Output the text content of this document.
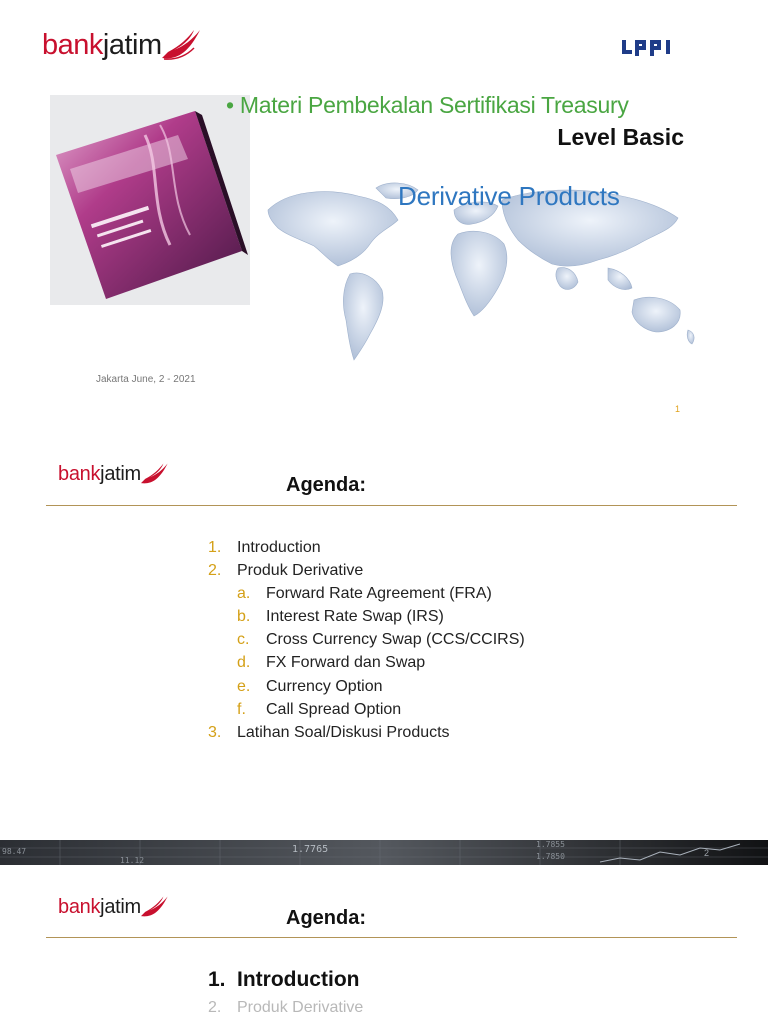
bank jatim
• Materi Pembekalan Sertifikasi Treasury
Level Basic
Derivative Products
Jakarta June, 2 - 2021
1
bank jatim	Agenda:
1. Introduction
2. Produk Derivative
a. Forward Rate Agreement (FRA)
b. Interest Rate Swap (IRS)
c.	Cross Currency Swap (CCS/CCIRS)
d. FX Forward dan Swap
e. Currency Option
f.	Call Spread Option
3. Latihan Soal/Diskusi Products
98.47
11.12
1.7765	1.7855
1.7850	2
bank jatim	Agenda:
1. Introduction
2. Produk Derivative
